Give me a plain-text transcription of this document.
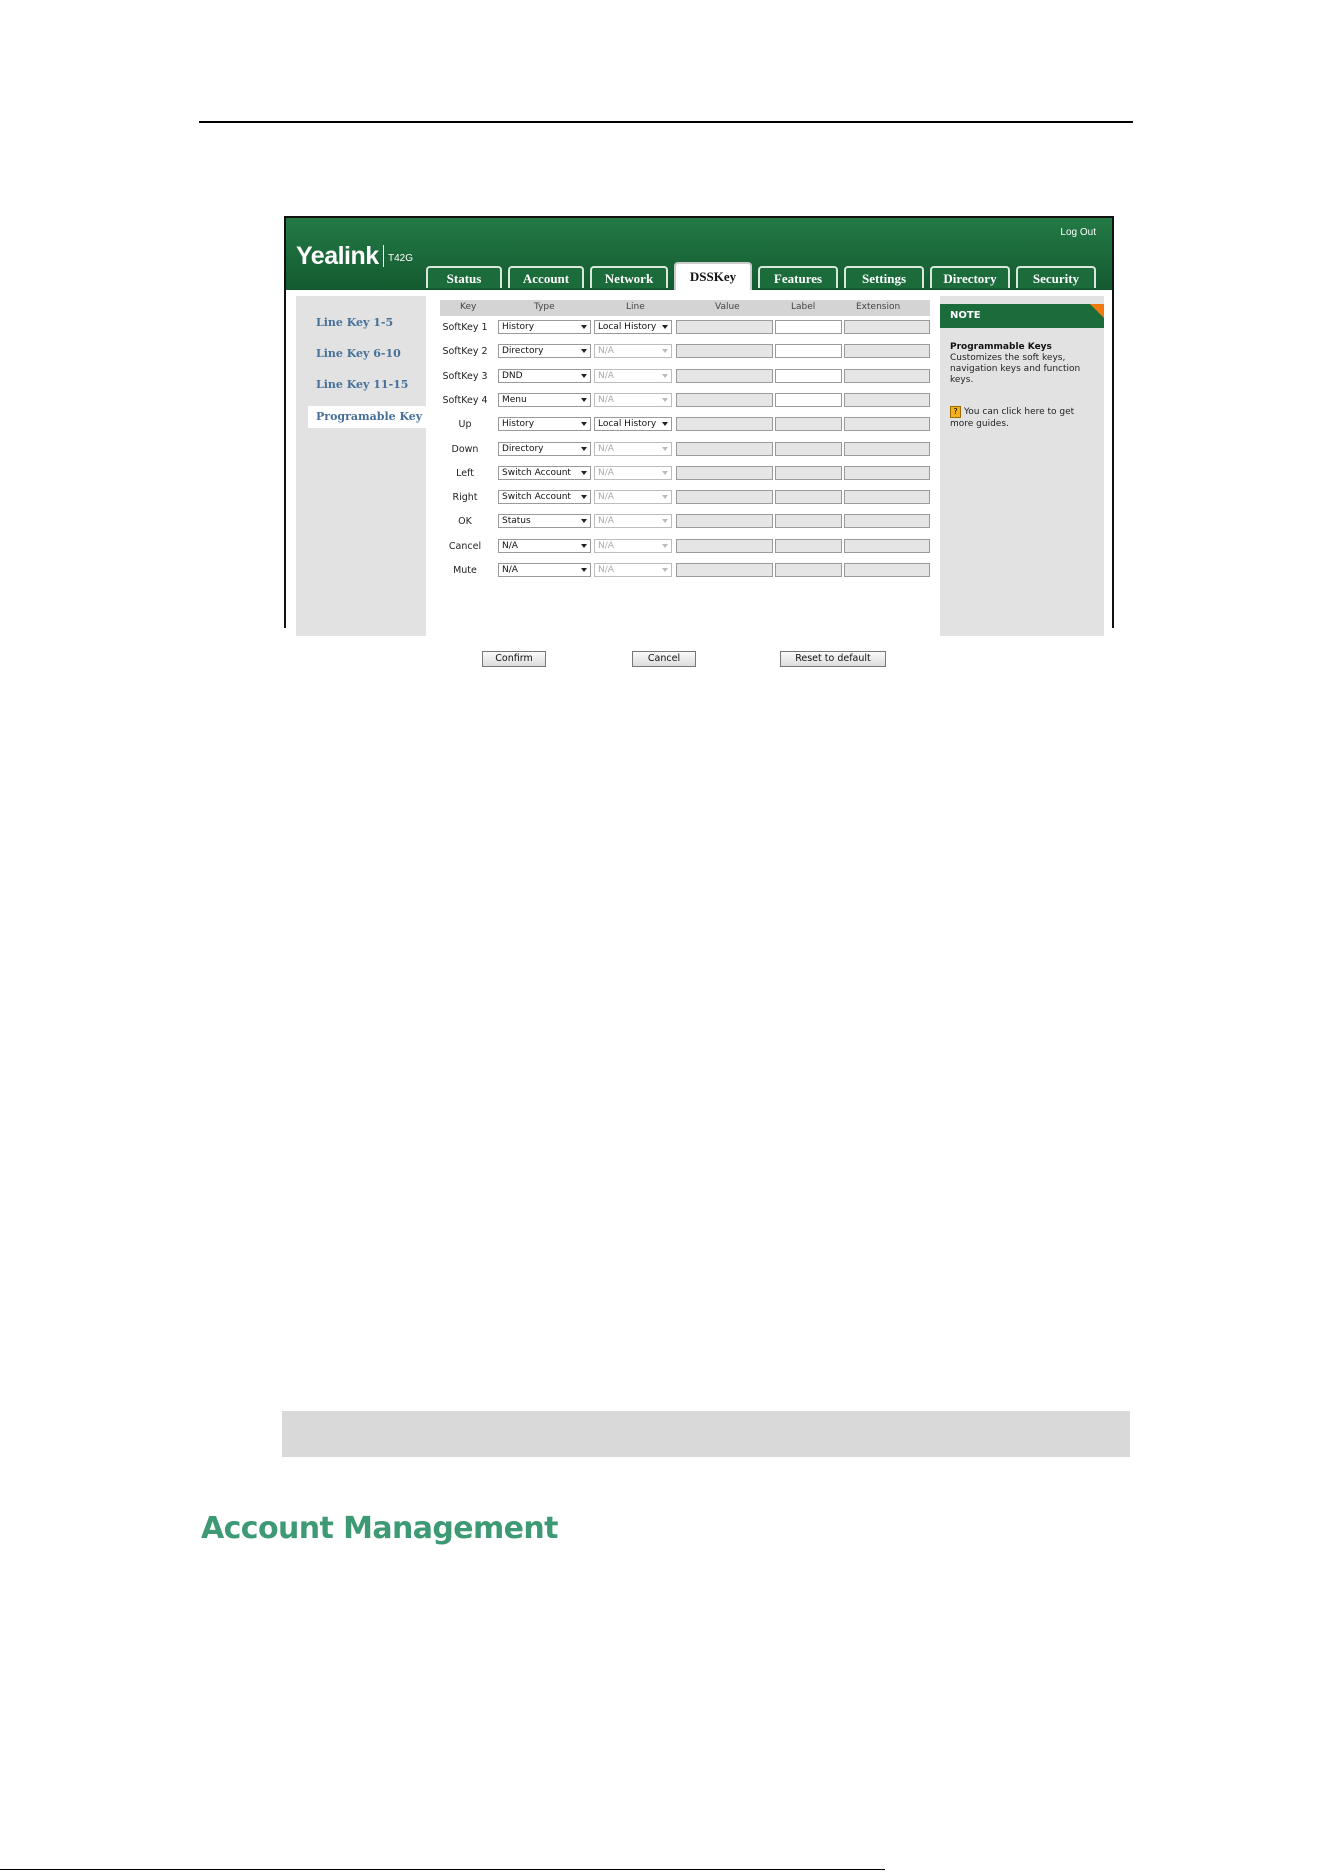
Yealink T42G
Log Out
Status	Account	Network	DSSKey	Features	Settings	Directory	Security
Line Key 1-5
Line Key 6-10
Line Key 11-15
Programable Key
Key	Type	Line	Value	Label	Extension
SoftKey 1	History	Local History
SoftKey 2	Directory	N/A
SoftKey 3	DND	N/A
SoftKey 4	Menu	N/A
Up	History	Local History
Down	Directory	N/A
Left	Switch Account	N/A
Right	Switch Account	N/A
OK	Status	N/A
Cancel	N/A	N/A
Mute	N/A	N/A
Confirm	Cancel	Reset to default
NOTE
Programmable Keys
Customizes the soft keys, navigation keys and function keys.
You can click here to get more guides.
?
Account Management
